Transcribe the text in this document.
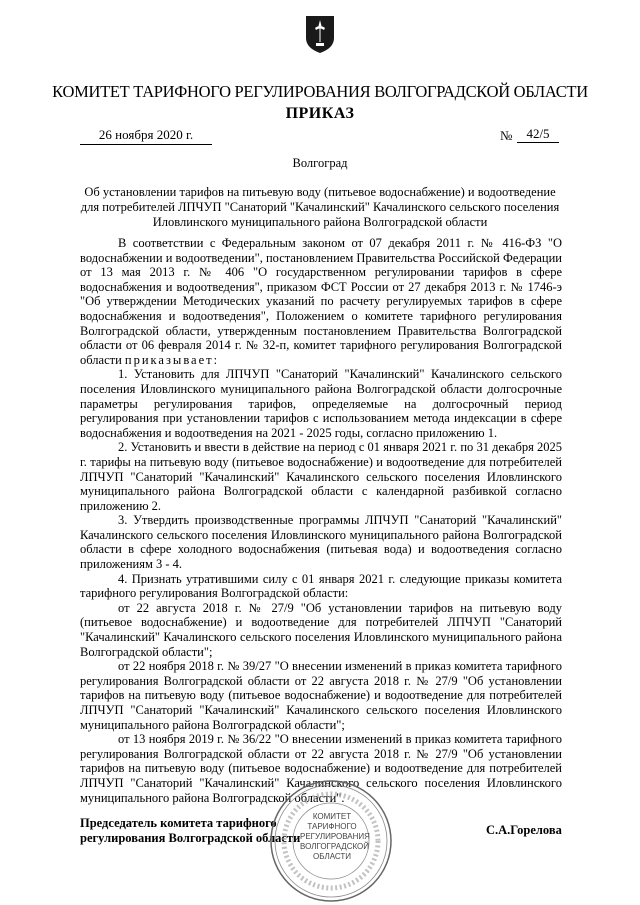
КОМИТЕТ ТАРИФНОГО РЕГУЛИРОВАНИЯ ВОЛГОГРАДСКОЙ ОБЛАСТИ
ПРИКАЗ
26 ноября 2020 г.	№	42/5
Волгоград
Об установлении тарифов на питьевую воду (питьевое водоснабжение) и водоотведение для потребителей ЛПЧУП "Санаторий "Качалинский" Качалинского сельского поселения Иловлинского муниципального района Волгоградской области

В соответствии с Федеральным законом от 07 декабря 2011 г. № 416-ФЗ "О водоснабжении и водоотведении", постановлением Правительства Российской Федерации от 13 мая 2013 г. № 406 "О государственном регулировании тарифов в сфере водоснабжения и водоотведения", приказом ФСТ России от 27 декабря 2013 г. № 1746-э "Об утверждении Методических указаний по расчету регулируемых тарифов в сфере водоснабжения и водоотведения", Положением о комитете тарифного регулирования Волгоградской области, утвержденным постановлением Правительства Волгоградской области от 06 февраля 2014 г. № 32-п, комитет тарифного регулирования Волгоградской области приказывает:

1. Установить для ЛПЧУП "Санаторий "Качалинский" Качалинского сельского поселения Иловлинского муниципального района Волгоградской области долгосрочные параметры регулирования тарифов, определяемые на долгосрочный период регулирования при установлении тарифов с использованием метода индексации в сфере водоснабжения и водоотведения на 2021 - 2025 годы, согласно приложению 1.

2. Установить и ввести в действие на период с 01 января 2021 г. по 31 декабря 2025 г. тарифы на питьевую воду (питьевое водоснабжение) и водоотведение для потребителей ЛПЧУП "Санаторий "Качалинский" Качалинского сельского поселения Иловлинского муниципального района Волгоградской области с календарной разбивкой согласно приложению 2.

3. Утвердить производственные программы ЛПЧУП "Санаторий "Качалинский" Качалинского сельского поселения Иловлинского муниципального района Волгоградской области в сфере холодного водоснабжения (питьевая вода) и водоотведения согласно приложениям 3 - 4.

4. Признать утратившими силу с 01 января 2021 г. следующие приказы комитета тарифного регулирования Волгоградской области:

от 22 августа 2018 г. № 27/9 "Об установлении тарифов на питьевую воду (питьевое водоснабжение) и водоотведение для потребителей ЛПЧУП "Санаторий "Качалинский" Качалинского сельского поселения Иловлинского муниципального района Волгоградской области";

от 22 ноября 2018 г. № 39/27 "О внесении изменений в приказ комитета тарифного регулирования Волгоградской области от 22 августа 2018 г. № 27/9 "Об установлении тарифов на питьевую воду (питьевое водоснабжение) и водоотведение для потребителей ЛПЧУП "Санаторий "Качалинский" Качалинского сельского поселения Иловлинского муниципального района Волгоградской области";

от 13 ноября 2019 г. № 36/22 "О внесении изменений в приказ комитета тарифного регулирования Волгоградской области от 22 августа 2018 г. № 27/9 "Об установлении тарифов на питьевую воду (питьевое водоснабжение) и водоотведение для потребителей ЛПЧУП "Санаторий "Качалинский" Качалинского сельского поселения Иловлинского муниципального района Волгоградской области".

Председатель комитета тарифного
регулирования Волгоградской области
С.А.Горелова
КОМИТЕТ
ТАРИФНОГО
РЕГУЛИРОВАНИЯ
ВОЛГОГРАДСКОЙ
ОБЛАСТИ
